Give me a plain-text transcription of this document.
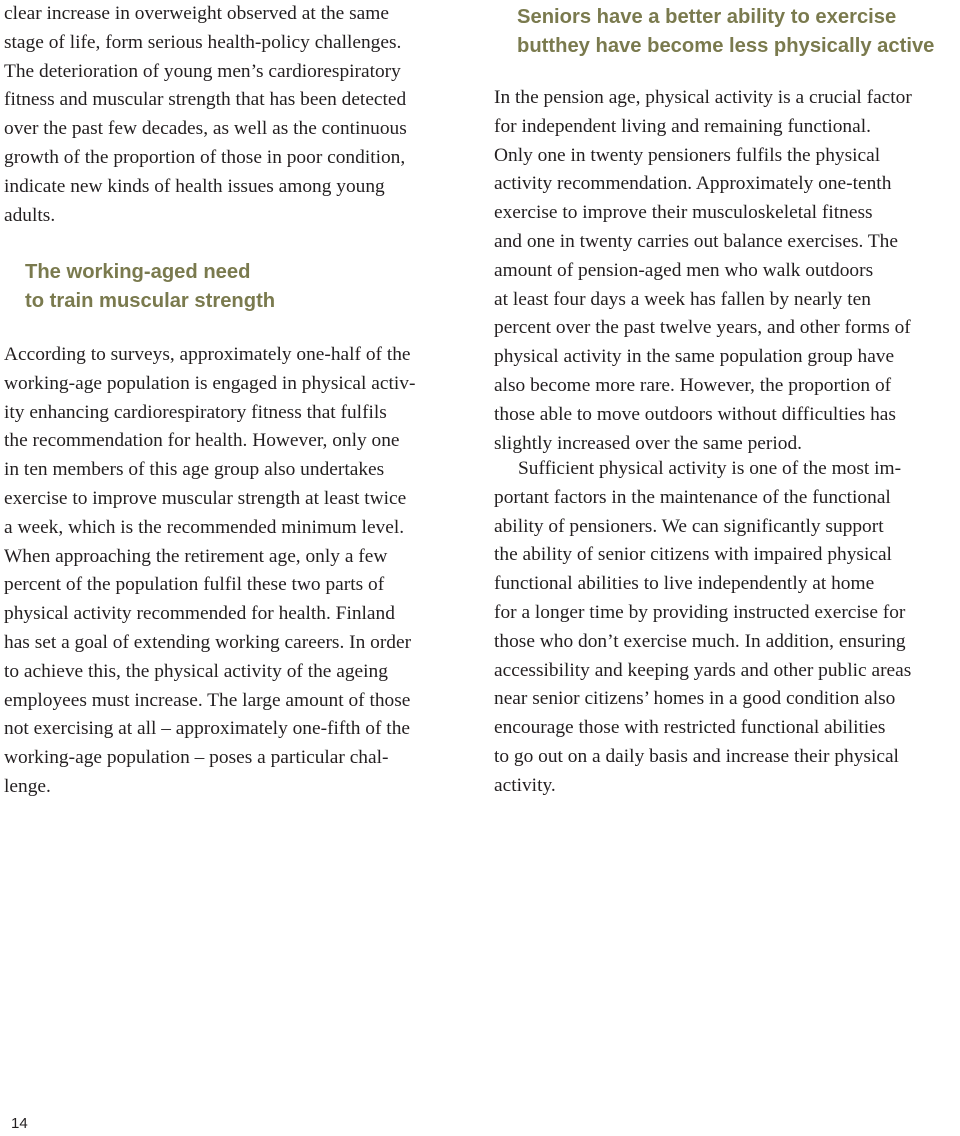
clear increase in overweight observed at the same
stage of life, form serious health-policy challenges.
The deterioration of young men’s cardiorespiratory
fitness and muscular strength that has been detected
over the past few decades, as well as the continuous
growth of the proportion of those in poor condition,
indicate new kinds of health issues among young
adults.

The working-aged need
to train muscular strength

According to surveys, approximately one-half of the
working-age population is engaged in physical activ-
ity enhancing cardiorespiratory fitness that fulfils
the recommendation for health. However, only one
in ten members of this age group also undertakes
exercise to improve muscular strength at least twice
a week, which is the recommended minimum level.
When approaching the retirement age, only a few
percent of the population fulfil these two parts of
physical activity recommended for health. Finland
has set a goal of extending working careers. In order
to achieve this, the physical activity of the ageing
employees must increase. The large amount of those
not exercising at all – approximately one-fifth of the
working-age population – poses a particular chal-
lenge.

Seniors have a better ability to exercise
butthey have become less physically active

In the pension age, physical activity is a crucial factor
for independent living and remaining functional.
Only one in twenty pensioners fulfils the physical
activity recommendation. Approximately one-tenth
exercise to improve their musculoskeletal fitness
and one in twenty carries out balance exercises. The
amount of pension-aged men who walk outdoors
at least four days a week has fallen by nearly ten
percent over the past twelve years, and other forms of
physical activity in the same population group have
also become more rare. However, the proportion of
those able to move outdoors without difficulties has
slightly increased over the same period.

Sufficient physical activity is one of the most im-
portant factors in the maintenance of the functional
ability of pensioners. We can significantly support
the ability of senior citizens with impaired physical
functional abilities to live independently at home
for a longer time by providing instructed exercise for
those who don’t exercise much. In addition, ensuring
accessibility and keeping yards and other public areas
near senior citizens’ homes in a good condition also
encourage those with restricted functional abilities
to go out on a daily basis and increase their physical
activity.

14
